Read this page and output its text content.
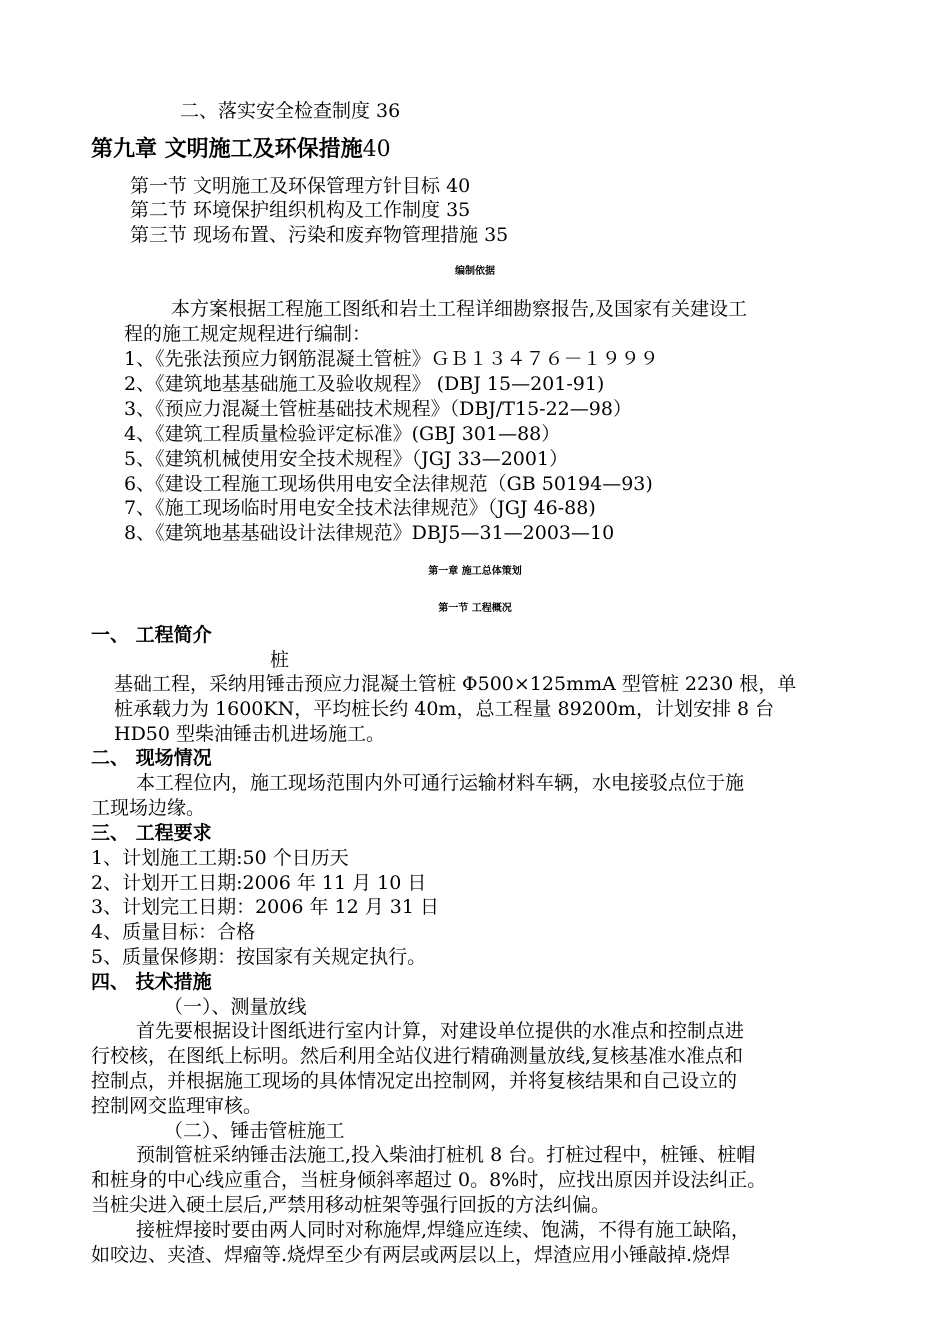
二、落实安全检查制度 36
第九章 文明施工及环保措施40
第一节 文明施工及环保管理方针目标 40
第二节 环境保护组织机构及工作制度 35
第三节 现场布置、污染和废弃物管理措施 35
编制依据
本方案根据工程施工图纸和岩土工程详细勘察报告,及国家有关建设工
程的施工规定规程进行编制：
1、《先张法预应力钢筋混凝土管桩》ＧＢ１３４７６－１９９９
2、《建筑地基基础施工及验收规程》 (DBJ 15—201-91)
3、《预应力混凝土管桩基础技术规程》（DBJ/T15-22—98）
4、《建筑工程质量检验评定标准》(GBJ 301—88）
5、《建筑机械使用安全技术规程》（JGJ 33—2001）
6、《建设工程施工现场供用电安全法律规范（GB 50194—93)
7、《施工现场临时用电安全技术法律规范》（JGJ 46-88)
8、《建筑地基基础设计法律规范》DBJ5—31—2003—10
第一章 施工总体策划
第一节 工程概况
一、 工程简介
桩
基础工程，采纳用锤击预应力混凝土管桩 Φ500×125mmA 型管桩 2230 根，单
桩承载力为 1600KN，平均桩长约 40m，总工程量 89200m，计划安排 8 台
HD50 型柴油锤击机进场施工。
二、 现场情况
本工程位内，施工现场范围内外可通行运输材料车辆，水电接驳点位于施
工现场边缘。
三、 工程要求
1、计划施工工期:50 个日历天
2、计划开工日期:2006 年 11 月 10 日
3、计划完工日期：2006 年 12 月 31 日
4、质量目标：合格
5、质量保修期：按国家有关规定执行。
四、 技术措施
（一）、测量放线
首先要根据设计图纸进行室内计算，对建设单位提供的水准点和控制点进
行校核，在图纸上标明。然后利用全站仪进行精确测量放线,复核基准水准点和
控制点，并根据施工现场的具体情况定出控制网，并将复核结果和自己设立的
控制网交监理审核。
（二）、锤击管桩施工
预制管桩采纳锤击法施工,投入柴油打桩机 8 台。打桩过程中，桩锤、桩帽
和桩身的中心线应重合，当桩身倾斜率超过 0。8%时，应找出原因并设法纠正。
当桩尖进入硬土层后,严禁用移动桩架等强行回扳的方法纠偏。
接桩焊接时要由两人同时对称施焊,焊缝应连续、饱满，不得有施工缺陷，
如咬边、夹渣、焊瘤等.烧焊至少有两层或两层以上，焊渣应用小锤敲掉.烧焊
